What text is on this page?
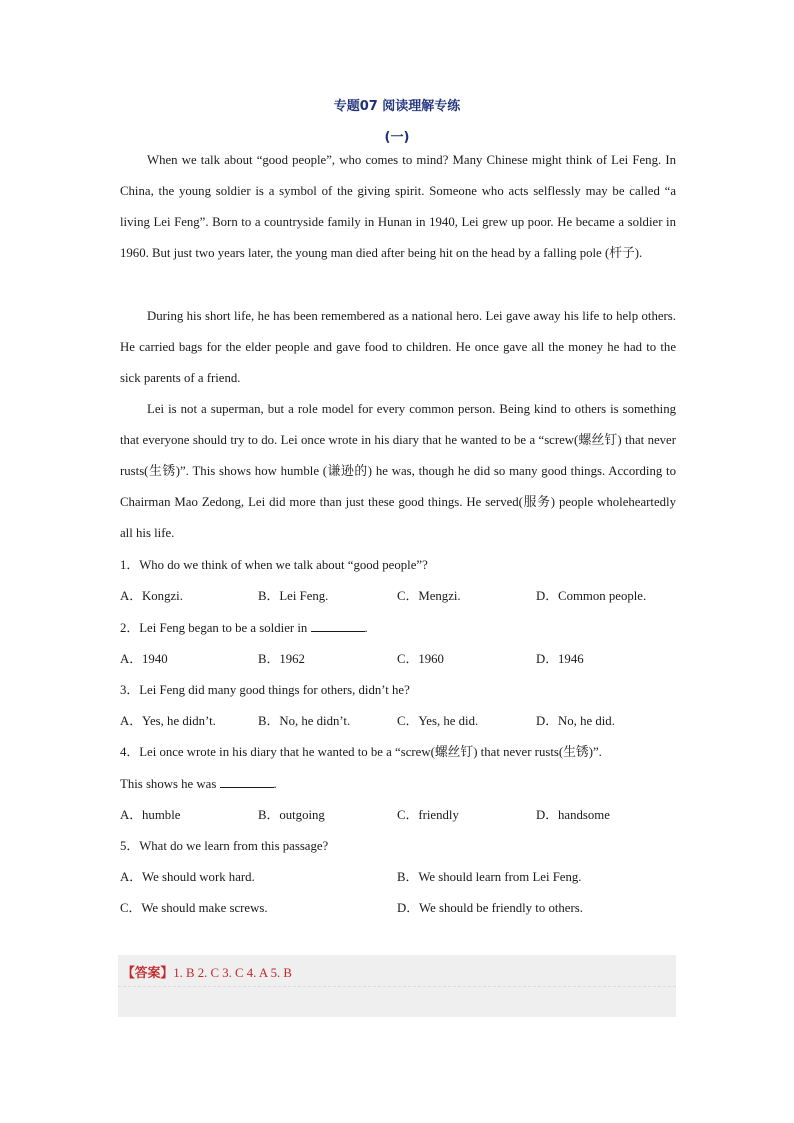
专题07 阅读理解专练
(一)
When we talk about “good people”, who comes to mind? Many Chinese might think of Lei Feng. In China, the young soldier is a symbol of the giving spirit. Someone who acts selflessly may be called “a living Lei Feng”. Born to a countryside family in Hunan in 1940, Lei grew up poor. He became a soldier in 1960. But just two years later, the young man died after being hit on the head by a falling pole (杆子).
During his short life, he has been remembered as a national hero. Lei gave away his life to help others. He carried bags for the elder people and gave food to children. He once gave all the money he had to the sick parents of a friend.
Lei is not a superman, but a role model for every common person. Being kind to others is something that everyone should try to do. Lei once wrote in his diary that he wanted to be a “screw(螺丝钉) that never rusts(生锈)”. This shows how humble (谦逊的) he was, though he did so many good things. According to Chairman Mao Zedong, Lei did more than just these good things. He served(服务) people wholeheartedly all his life.
1．Who do we think of when we talk about “good people”?
A．Kongzi.	B．Lei Feng.	C．Mengzi.	D．Common people.
2．Lei Feng began to be a soldier in	.
A．1940	B．1962	C．1960	D．1946
3．Lei Feng did many good things for others, didn’t he?
A．Yes, he didn’t.	B．No, he didn’t.	C．Yes, he did.	D．No, he did.
4．Lei once wrote in his diary that he wanted to be a “screw(螺丝钉) that never rusts(生锈)”.
This shows he was	.
A．humble	B．outgoing	C．friendly	D．handsome
5．What do we learn from this passage?
A．We should work hard.	B．We should learn from Lei Feng.
C．We should make screws.	D．We should be friendly to others.
【答案】1. B 2. C 3. C 4. A 5. B
